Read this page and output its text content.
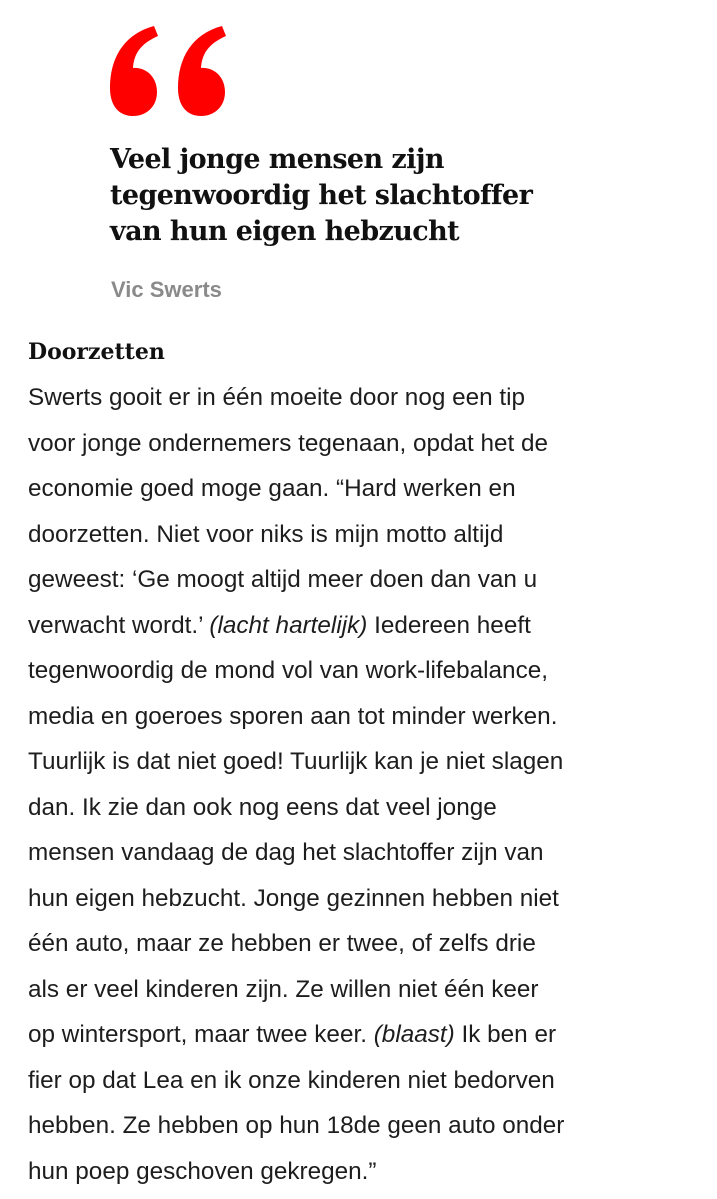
Veel jonge mensen zijn
tegenwoordig het slachtoffer
van hun eigen hebzucht
Vic Swerts
Doorzetten

Swerts gooit er in één moeite door nog een tip
voor jonge ondernemers tegenaan, opdat het de
economie goed moge gaan. “Hard werken en
doorzetten. Niet voor niks is mijn motto altijd
geweest: ‘Ge moogt altijd meer doen dan van u
verwacht wordt.’ (lacht hartelijk) Iedereen heeft
tegenwoordig de mond vol van work-lifebalance,
media en goeroes sporen aan tot minder werken.
Tuurlijk is dat niet goed! Tuurlijk kan je niet slagen
dan. Ik zie dan ook nog eens dat veel jonge
mensen vandaag de dag het slachtoffer zijn van
hun eigen hebzucht. Jonge gezinnen hebben niet
één auto, maar ze hebben er twee, of zelfs drie
als er veel kinderen zijn. Ze willen niet één keer
op wintersport, maar twee keer. (blaast) Ik ben er
fier op dat Lea en ik onze kinderen niet bedorven
hebben. Ze hebben op hun 18de geen auto onder
hun poep geschoven gekregen.”
